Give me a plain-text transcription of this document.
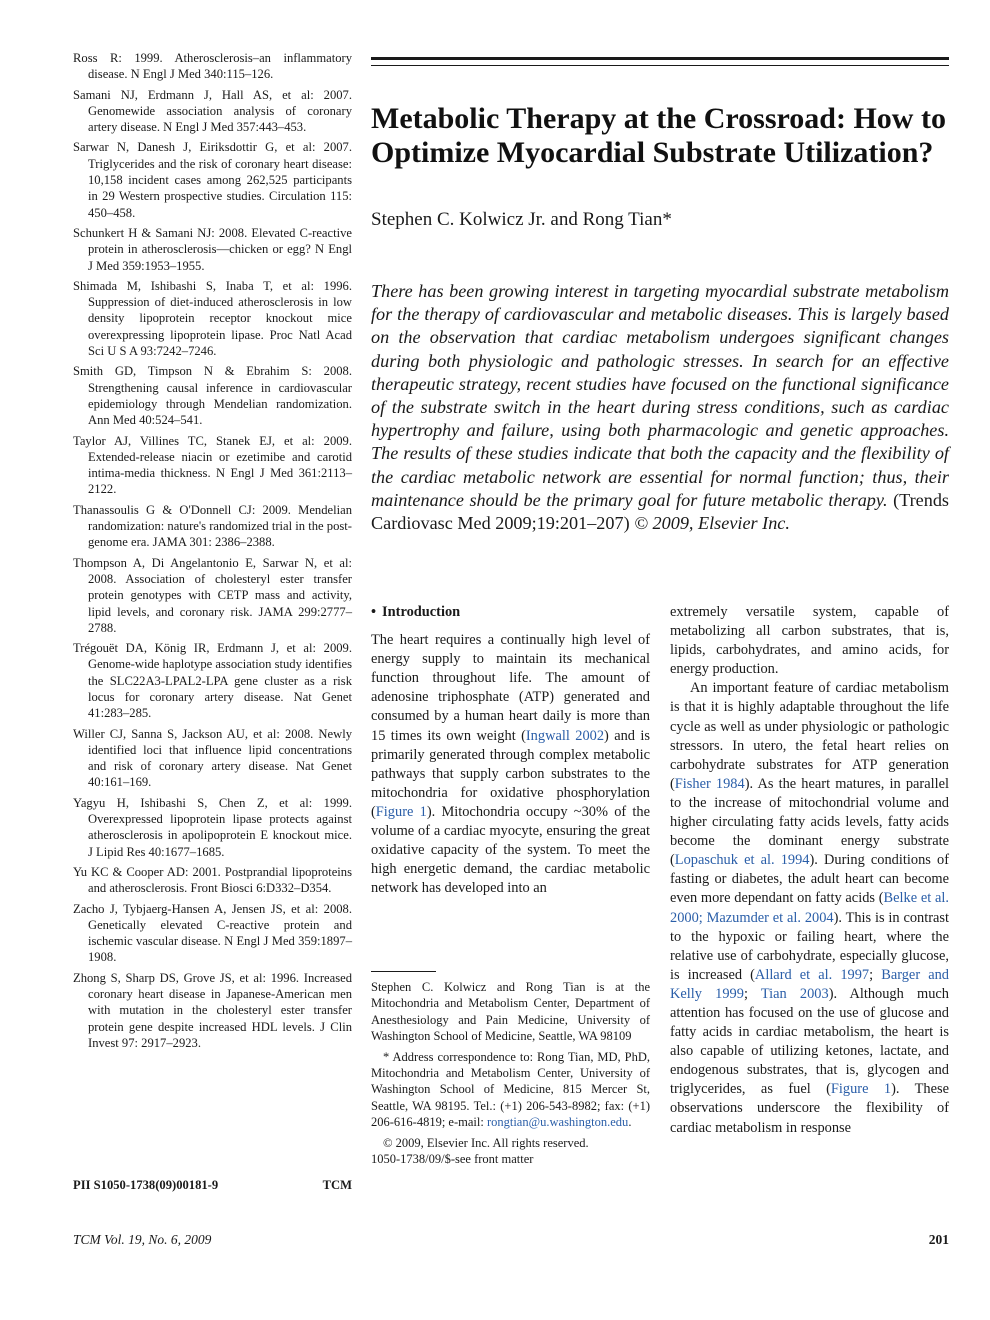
Ross R: 1999. Atherosclerosis–an inflammatory disease. N Engl J Med 340:115–126.

Samani NJ, Erdmann J, Hall AS, et al: 2007. Genomewide association analysis of coronary artery disease. N Engl J Med 357:443–453.

Sarwar N, Danesh J, Eiriksdottir G, et al: 2007. Triglycerides and the risk of coronary heart disease: 10,158 incident cases among 262,525 participants in 29 Western prospective studies. Circulation 115: 450–458.

Schunkert H & Samani NJ: 2008. Elevated C-reactive protein in atherosclerosis—chicken or egg? N Engl J Med 359:1953–1955.

Shimada M, Ishibashi S, Inaba T, et al: 1996. Suppression of diet-induced atherosclerosis in low density lipoprotein receptor knockout mice overexpressing lipoprotein lipase. Proc Natl Acad Sci U S A 93:7242–7246.

Smith GD, Timpson N & Ebrahim S: 2008. Strengthening causal inference in cardiovascular epidemiology through Mendelian randomization. Ann Med 40:524–541.

Taylor AJ, Villines TC, Stanek EJ, et al: 2009. Extended-release niacin or ezetimibe and carotid intima-media thickness. N Engl J Med 361:2113–2122.

Thanassoulis G & O'Donnell CJ: 2009. Mendelian randomization: nature's randomized trial in the post-genome era. JAMA 301: 2386–2388.

Thompson A, Di Angelantonio E, Sarwar N, et al: 2008. Association of cholesteryl ester transfer protein genotypes with CETP mass and activity, lipid levels, and coronary risk. JAMA 299:2777–2788.

Trégouët DA, König IR, Erdmann J, et al: 2009. Genome-wide haplotype association study identifies the SLC22A3-LPAL2-LPA gene cluster as a risk locus for coronary artery disease. Nat Genet 41:283–285.

Willer CJ, Sanna S, Jackson AU, et al: 2008. Newly identified loci that influence lipid concentrations and risk of coronary artery disease. Nat Genet 40:161–169.

Yagyu H, Ishibashi S, Chen Z, et al: 1999. Overexpressed lipoprotein lipase protects against atherosclerosis in apolipoprotein E knockout mice. J Lipid Res 40:1677–1685.

Yu KC & Cooper AD: 2001. Postprandial lipoproteins and atherosclerosis. Front Biosci 6:D332–D354.

Zacho J, Tybjaerg-Hansen A, Jensen JS, et al: 2008. Genetically elevated C-reactive protein and ischemic vascular disease. N Engl J Med 359:1897–1908.

Zhong S, Sharp DS, Grove JS, et al: 1996. Increased coronary heart disease in Japanese-American men with mutation in the cholesteryl ester transfer protein gene despite increased HDL levels. J Clin Invest 97: 2917–2923.

PII S1050-1738(09)00181-9	TCM
Metabolic Therapy at the Crossroad: How to Optimize Myocardial Substrate Utilization?

Stephen C. Kolwicz Jr. and Rong Tian*

There has been growing interest in targeting myocardial substrate metabolism for the therapy of cardiovascular and metabolic diseases. This is largely based on the observation that cardiac metabolism undergoes significant changes during both physiologic and pathologic stresses. In search for an effective therapeutic strategy, recent studies have focused on the functional significance of the substrate switch in the heart during stress conditions, such as cardiac hypertrophy and failure, using both pharmacologic and genetic approaches. The results of these studies indicate that both the capacity and the flexibility of the cardiac metabolic network are essential for normal function; thus, their maintenance should be the primary goal for future metabolic therapy. (Trends Cardiovasc Med 2009;19:201–207) © 2009, Elsevier Inc.

• Introduction

The heart requires a continually high level of energy supply to maintain its mechanical function throughout life. The amount of adenosine triphosphate (ATP) generated and consumed by a human heart daily is more than 15 times its own weight (Ingwall 2002) and is primarily generated through complex metabolic pathways that supply carbon substrates to the mitochondria for oxidative phosphorylation (Figure 1). Mitochondria occupy ~30% of the volume of a cardiac myocyte, ensuring the great oxidative capacity of the system. To meet the high energetic demand, the cardiac metabolic network has developed into an

Stephen C. Kolwicz and Rong Tian is at the Mitochondria and Metabolism Center, Department of Anesthesiology and Pain Medicine, University of Washington School of Medicine, Seattle, WA 98109

* Address correspondence to: Rong Tian, MD, PhD, Mitochondria and Metabolism Center, University of Washington School of Medicine, 815 Mercer St, Seattle, WA 98195. Tel.: (+1) 206-543-8982; fax: (+1) 206-616-4819; e-mail: rongtian@u.washington.edu.

© 2009, Elsevier Inc. All rights reserved.

1050-1738/09/$-see front matter

extremely versatile system, capable of metabolizing all carbon substrates, that is, lipids, carbohydrates, and amino acids, for energy production.

An important feature of cardiac metabolism is that it is highly adaptable throughout the life cycle as well as under physiologic or pathologic stressors. In utero, the fetal heart relies on carbohydrate substrates for ATP generation (Fisher 1984). As the heart matures, in parallel to the increase of mitochondrial volume and higher circulating fatty acids levels, fatty acids become the dominant energy substrate (Lopaschuk et al. 1994). During conditions of fasting or diabetes, the adult heart can become even more dependant on fatty acids (Belke et al. 2000; Mazumder et al. 2004). This is in contrast to the hypoxic or failing heart, where the relative use of carbohydrate, especially glucose, is increased (Allard et al. 1997; Barger and Kelly 1999; Tian 2003). Although much attention has focused on the use of glucose and fatty acids in cardiac metabolism, the heart is also capable of utilizing ketones, lactate, and endogenous substrates, that is, glycogen and triglycerides, as fuel (Figure 1). These observations underscore the flexibility of cardiac metabolism in response

TCM Vol. 19, No. 6, 2009	201
